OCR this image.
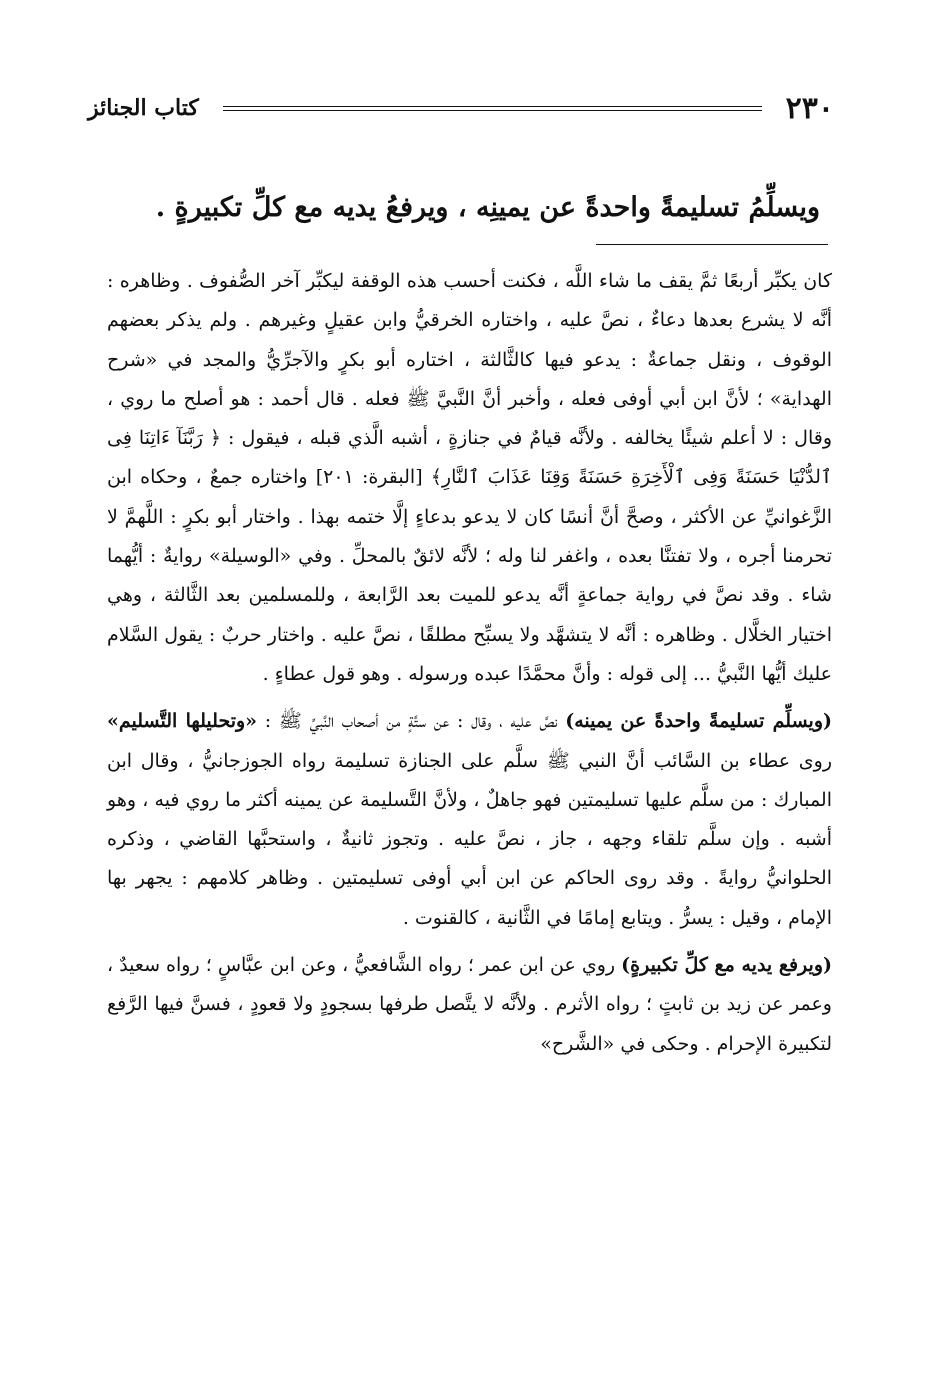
٢٣٠
كتاب الجنائز
ويسلِّمُ تسليمةً واحدةً عن يمينِه ، ويرفعُ يديه مع كلِّ تكبيرةٍ .

كان يكبِّر أربعًا ثمَّ يقف ما شاء اللَّه ، فكنت أحسب هذه الوقفة ليكبِّر آخر الصُّفوف . وظاهره : أنَّه لا يشرع بعدها دعاءٌ ، نصَّ عليه ، واختاره الخرقيُّ وابن عقيلٍ وغيرهم . ولم يذكر بعضهم الوقوف ، ونقل جماعةٌ : يدعو فيها كالثَّالثة ، اختاره أبو بكرٍ والآجرِّيُّ والمجد في «شرح الهداية» ؛ لأنَّ ابن أبي أوفى فعله ، وأخبر أنَّ النَّبيَّ ﷺ فعله . قال أحمد : هو أصلح ما روي ، وقال : لا أعلم شيئًا يخالفه . ولأنَّه قيامٌ في جنازةٍ ، أشبه الَّذي قبله ، فيقول : ﴿ رَبَّنَآ ءَاتِنَا فِى ٱلدُّنْيَا حَسَنَةً وَفِى ٱلْأَخِرَةِ حَسَنَةً وَقِنَا عَذَابَ ٱلنَّارِ﴾ [البقرة: ٢٠١] واختاره جمعٌ ، وحكاه ابن الزَّغوانيِّ عن الأكثر ، وصحَّ أنَّ أنسًا كان لا يدعو بدعاءٍ إلَّا ختمه بهذا . واختار أبو بكرٍ : اللَّهمَّ لا تحرمنا أجره ، ولا تفتنَّا بعده ، واغفر لنا وله ؛ لأنَّه لائقٌ بالمحلِّ . وفي «الوسيلة» روايةٌ : أيُّهما شاء . وقد نصَّ في رواية جماعةٍ أنَّه يدعو للميت بعد الرَّابعة ، وللمسلمين بعد الثَّالثة ، وهي اختيار الخلَّال . وظاهره : أنَّه لا يتشهَّد ولا يسبِّح مطلقًا ، نصَّ عليه . واختار حربٌ : يقول السَّلام عليك أيُّها النَّبيُّ ... إلى قوله : وأنَّ محمَّدًا عبده ورسوله . وهو قول عطاءٍ .

(ويسلِّم تسليمةً واحدةً عن يمينه) نصَّ عليه ، وقال : عن ستَّةٍ من أصحاب النَّبيِّ ﷺ : «وتحليلها التَّسليم» روى عطاء بن السَّائب أنَّ النبي ﷺ سلَّم على الجنازة تسليمة رواه الجوزجانيُّ ، وقال ابن المبارك : من سلَّم عليها تسليمتين فهو جاهلٌ ، ولأنَّ التَّسليمة عن يمينه أكثر ما روي فيه ، وهو أشبه . وإن سلَّم تلقاء وجهه ، جاز ، نصَّ عليه . وتجوز ثانيةٌ ، واستحبَّها القاضي ، وذكره الحلوانيُّ روايةً . وقد روى الحاكم عن ابن أبي أوفى تسليمتين . وظاهر كلامهم : يجهر بها الإمام ، وقيل : يسرُّ . ويتابع إمامًا في الثَّانية ، كالقنوت .

(ويرفع يديه مع كلِّ تكبيرةٍ) روي عن ابن عمر ؛ رواه الشَّافعيُّ ، وعن ابن عبَّاسٍ ؛ رواه سعيدٌ ، وعمر عن زيد بن ثابتٍ ؛ رواه الأثرم . ولأنَّه لا يتَّصل طرفها بسجودٍ ولا قعودٍ ، فسنَّ فيها الرَّفع لتكبيرة الإحرام . وحكى في «الشَّرح»
